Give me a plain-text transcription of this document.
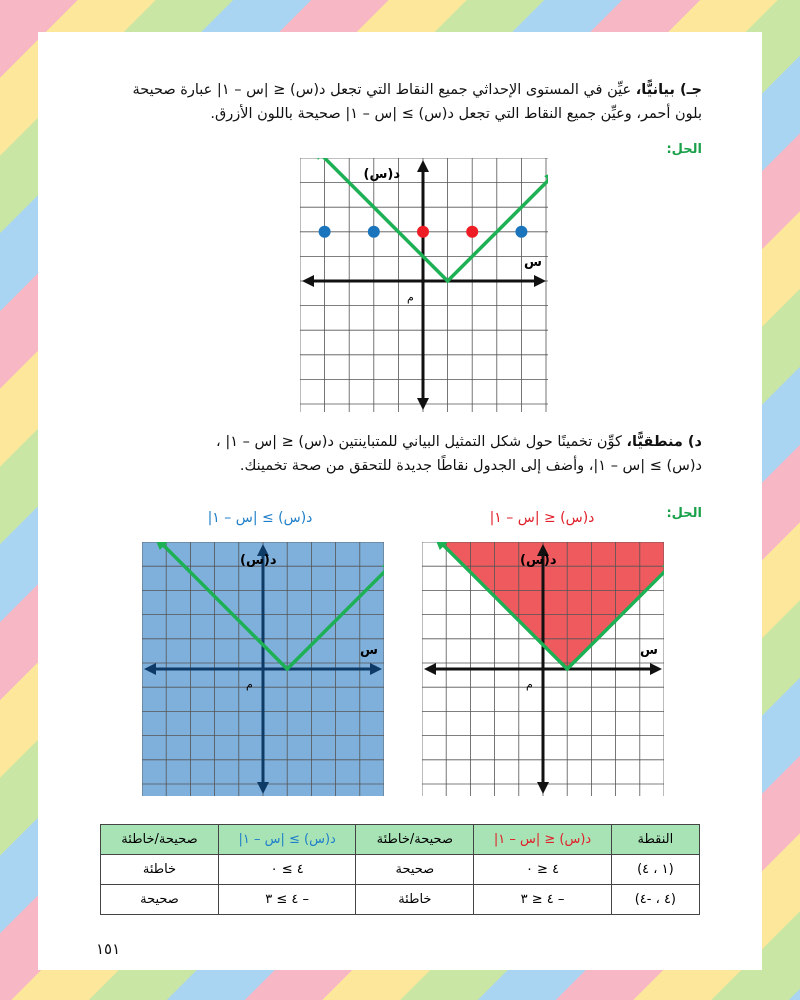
جـ) بيانيًّا، عيِّن في المستوى الإحداثي جميع النقاط التي تجعل د(س) ≤ |س – ١| عبارة صحيحة
بلون أحمر، وعيِّن جميع النقاط التي تجعل د(س) ≥ |س – ١| صحيحة باللون الأزرق.
الحل:
د(س)
س
م
د) منطقيًّا، كوِّن تخمينًا حول شكل التمثيل البياني للمتباينتين د(س) ≤ |س – ١| ،
د(س) ≥ |س – ١|، وأضف إلى الجدول نقاطًا جديدة للتحقق من صحة تخمينك.
الحل:
د(س) ≥ |س – ١|	د(س) ≤ |س – ١|
د(س)
س
م
د(س)
س
م
النقطة	د(س) ≤ |س – ١|	صحيحة/خاطئة	د(س) ≥ |س – ١|	صحيحة/خاطئة
(١ ، ٤)	٤ ≤ ٠	صحيحة	٤ ≥ ٠	خاطئة
(٤ ، -٤)	– ٤ ≤ ٣	خاطئة	– ٤ ≥ ٣	صحيحة
١٥١
